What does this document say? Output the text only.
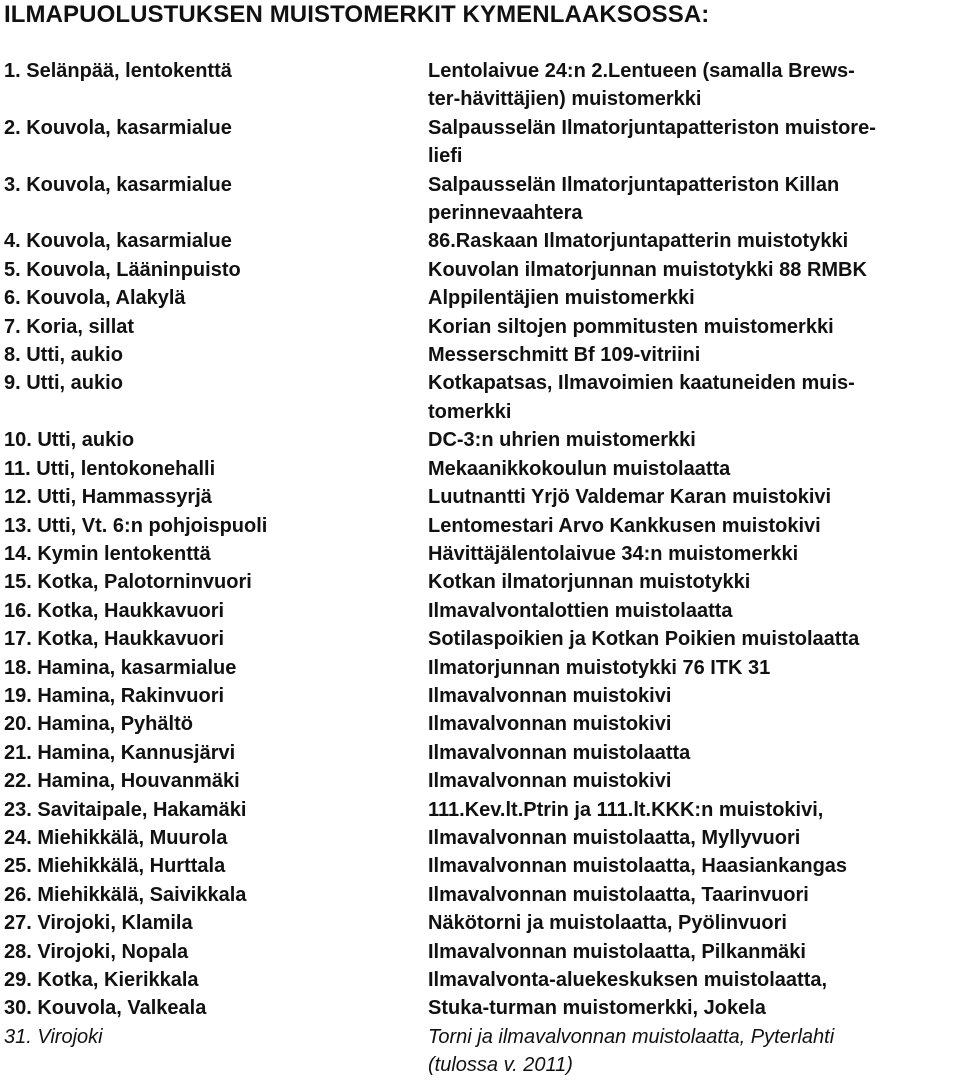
ILMAPUOLUSTUKSEN MUISTOMERKIT KYMENLAAKSOSSA:
1. Selänpää, lentokenttä	Lentolaivue 24:n 2.Lentueen (samalla Brews-
ter-hävittäjien) muistomerkki
2. Kouvola, kasarmialue	Salpausselän Ilmatorjuntapatteriston muistore-
liefi
3. Kouvola, kasarmialue	Salpausselän Ilmatorjuntapatteriston Killan
perinnevaahtera
4. Kouvola, kasarmialue	86.Raskaan Ilmatorjuntapatterin muistotykki
5. Kouvola, Lääninpuisto	Kouvolan ilmatorjunnan muistotykki 88 RMBK
6. Kouvola, Alakylä	Alppilentäjien muistomerkki
7. Koria, sillat	Korian siltojen pommitusten muistomerkki
8. Utti, aukio	Messerschmitt Bf 109-vitriini
9. Utti, aukio	Kotkapatsas, Ilmavoimien kaatuneiden muis-
tomerkki
10. Utti, aukio	DC-3:n uhrien muistomerkki
11. Utti, lentokonehalli	Mekaanikkokoulun muistolaatta
12. Utti, Hammassyrjä	Luutnantti Yrjö Valdemar Karan muistokivi
13. Utti, Vt. 6:n pohjoispuoli	Lentomestari Arvo Kankkusen muistokivi
14. Kymin lentokenttä	Hävittäjälentolaivue 34:n muistomerkki
15. Kotka, Palotorninvuori	Kotkan ilmatorjunnan muistotykki
16. Kotka, Haukkavuori	Ilmavalvontalottien muistolaatta
17. Kotka, Haukkavuori	Sotilaspoikien ja Kotkan Poikien muistolaatta
18. Hamina, kasarmialue	Ilmatorjunnan muistotykki 76 ITK 31
19. Hamina, Rakinvuori	Ilmavalvonnan muistokivi
20. Hamina, Pyhältö	Ilmavalvonnan muistokivi
21. Hamina, Kannusjärvi	Ilmavalvonnan muistolaatta
22. Hamina, Houvanmäki	Ilmavalvonnan muistokivi
23. Savitaipale, Hakamäki	111.Kev.lt.Ptrin ja 111.lt.KKK:n muistokivi,
24. Miehikkälä, Muurola	Ilmavalvonnan muistolaatta, Myllyvuori
25. Miehikkälä, Hurttala	Ilmavalvonnan muistolaatta, Haasiankangas
26. Miehikkälä, Saivikkala	Ilmavalvonnan muistolaatta, Taarinvuori
27. Virojoki, Klamila	Näkötorni ja muistolaatta, Pyölinvuori
28. Virojoki, Nopala	Ilmavalvonnan muistolaatta, Pilkanmäki
29. Kotka, Kierikkala	Ilmavalvonta-aluekeskuksen muistolaatta,
30. Kouvola, Valkeala	Stuka-turman muistomerkki, Jokela
31. Virojoki	Torni ja ilmavalvonnan muistolaatta, Pyterlahti
(tulossa v. 2011)
